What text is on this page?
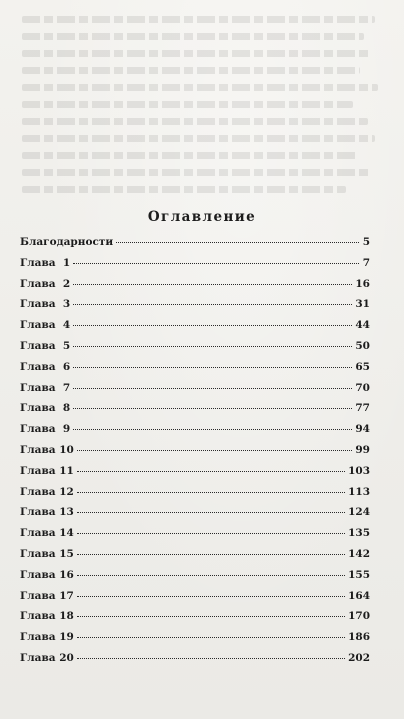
Оглавление
Благодарности	5
Глава  1	7
Глава  2	16
Глава  3	31
Глава  4	44
Глава  5	50
Глава  6	65
Глава  7	70
Глава  8	77
Глава  9	94
Глава 10	99
Глава 11	103
Глава 12	113
Глава 13	124
Глава 14	135
Глава 15	142
Глава 16	155
Глава 17	164
Глава 18	170
Глава 19	186
Глава 20	202
